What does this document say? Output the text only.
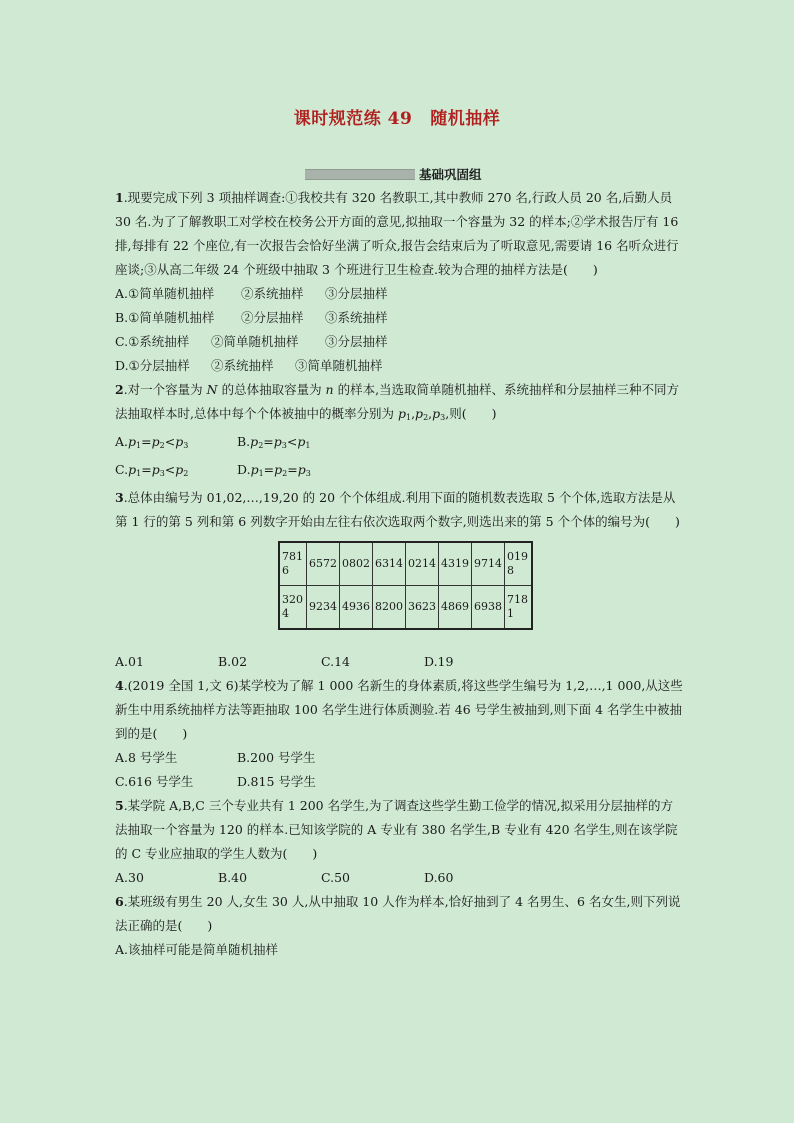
课时规范练 49 随机抽样
基础巩固组

1.现要完成下列 3 项抽样调查:①我校共有 320 名教职工,其中教师 270 名,行政人员 20 名,后勤人员 30 名.为了了解教职工对学校在校务公开方面的意见,拟抽取一个容量为 32 的样本;②学术报告厅有 16 排,每排有 22 个座位,有一次报告会恰好坐满了听众,报告会结束后为了听取意见,需要请 16 名听众进行座谈;③从高二年级 24 个班级中抽取 3 个班进行卫生检查.较为合理的抽样方法是(　　)

A.①简单随机抽样	②系统抽样	③分层抽样
B.①简单随机抽样	②分层抽样	③系统抽样
C.①系统抽样	②简单随机抽样	③分层抽样
D.①分层抽样	②系统抽样	③简单随机抽样

2.对一个容量为 N 的总体抽取容量为 n 的样本,当选取简单随机抽样、系统抽样和分层抽样三种不同方法抽取样本时,总体中每个个体被抽中的概率分别为 $p_1,p_2,p_3$,则(　　)

$A.p_1=p_2<p_3$	$B.p_2=p_3<p_1$
$C.p_1=p_3<p_2$	$D.p_1=p_2=p_3$

3.总体由编号为 01,02,…,19,20 的 20 个个体组成.利用下面的随机数表选取 5 个个体,选取方法是从第 1 行的第 5 列和第 6 列数字开始由左往右依次选取两个数字,则选出来的第 5 个个体的编号为(　　)

7816	6572	0802	6314	0214	4319	9714	0198
3204	9234	4936	8200	3623	4869	6938	7181
A.01	B.02	C.14	D.19

4.(2019 全国 1,文 6)某学校为了解 1 000 名新生的身体素质,将这些学生编号为 1,2,…,1 000,从这些新生中用系统抽样方法等距抽取 100 名学生进行体质测验.若 46 号学生被抽到,则下面 4 名学生中被抽到的是(　　)

A.8 号学生	B.200 号学生
C.616 号学生	D.815 号学生

5.某学院 A,B,C 三个专业共有 1 200 名学生,为了调查这些学生勤工俭学的情况,拟采用分层抽样的方法抽取一个容量为 120 的样本.已知该学院的 A 专业有 380 名学生,B 专业有 420 名学生,则在该学院的 C 专业应抽取的学生人数为(　　)

A.30	B.40	C.50	D.60

6.某班级有男生 20 人,女生 30 人,从中抽取 10 人作为样本,恰好抽到了 4 名男生、6 名女生,则下列说法正确的是(　　)

A.该抽样可能是简单随机抽样
